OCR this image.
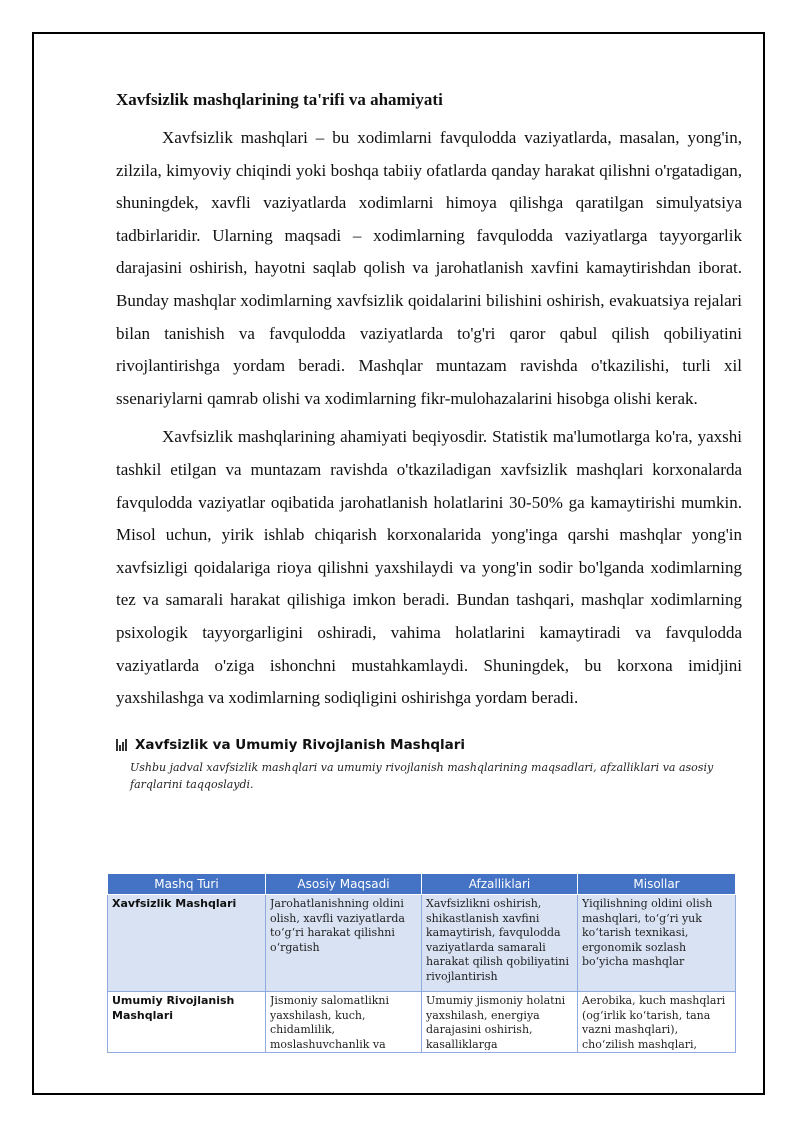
Xavfsizlik mashqlarining ta'rifi va ahamiyati

Xavfsizlik mashqlari – bu xodimlarni favqulodda vaziyatlarda, masalan, yong'in, zilzila, kimyoviy chiqindi yoki boshqa tabiiy ofatlarda qanday harakat qilishni o'rgatadigan, shuningdek, xavfli vaziyatlarda xodimlarni himoya qilishga qaratilgan simulyatsiya tadbirlaridir. Ularning maqsadi – xodimlarning favqulodda vaziyatlarga tayyorgarlik darajasini oshirish, hayotni saqlab qolish va jarohatlanish xavfini kamaytirishdan iborat. Bunday mashqlar xodimlarning xavfsizlik qoidalarini bilishini oshirish, evakuatsiya rejalari bilan tanishish va favqulodda vaziyatlarda to'g'ri qaror qabul qilish qobiliyatini rivojlantirishga yordam beradi. Mashqlar muntazam ravishda o'tkazilishi, turli xil ssenariylarni qamrab olishi va xodimlarning fikr-mulohazalarini hisobga olishi kerak.

Xavfsizlik mashqlarining ahamiyati beqiyosdir. Statistik ma'lumotlarga ko'ra, yaxshi tashkil etilgan va muntazam ravishda o'tkaziladigan xavfsizlik mashqlari korxonalarda favqulodda vaziyatlar oqibatida jarohatlanish holatlarini 30-50% ga kamaytirishi mumkin. Misol uchun, yirik ishlab chiqarish korxonalarida yong'inga qarshi mashqlar yong'in xavfsizligi qoidalariga rioya qilishni yaxshilaydi va yong'in sodir bo'lganda xodimlarning tez va samarali harakat qilishiga imkon beradi. Bundan tashqari, mashqlar xodimlarning psixologik tayyorgarligini oshiradi, vahima holatlarini kamaytiradi va favqulodda vaziyatlarda o'ziga ishonchni mustahkamlaydi. Shuningdek, bu korxona imidjini yaxshilashga va xodimlarning sodiqligini oshirishga yordam beradi.

Xavfsizlik va Umumiy Rivojlanish Mashqlari
Ushbu jadval xavfsizlik mashqlari va umumiy rivojlanish mashqlarining maqsadlari, afzalliklari va asosiy farqlarini taqqoslaydi.
Mashq Turi	Asosiy Maqsadi	Afzalliklari	Misollar

Xavfsizlik Mashqlari	Jarohatlanishning oldini olish, xavfli vaziyatlarda to‘g‘ri harakat qilishni o‘rgatish	Xavfsizlikni oshirish, shikastlanish xavfini kamaytirish, favqulodda vaziyatlarda samarali harakat qilish qobiliyatini rivojlantirish	Yiqilishning oldini olish mashqlari, to‘g‘ri yuk ko‘tarish texnikasi, ergonomik sozlash bo‘yicha mashqlar

Umumiy Rivojlanish Mashqlari	Jismoniy salomatlikni yaxshilash, kuch, chidamlilik, moslashuvchanlik va	Umumiy jismoniy holatni yaxshilash, energiya darajasini oshirish, kasalliklarga	Aerobika, kuch mashqlari (og‘irlik ko‘tarish, tana vazni mashqlari), cho‘zilish mashqlari,
